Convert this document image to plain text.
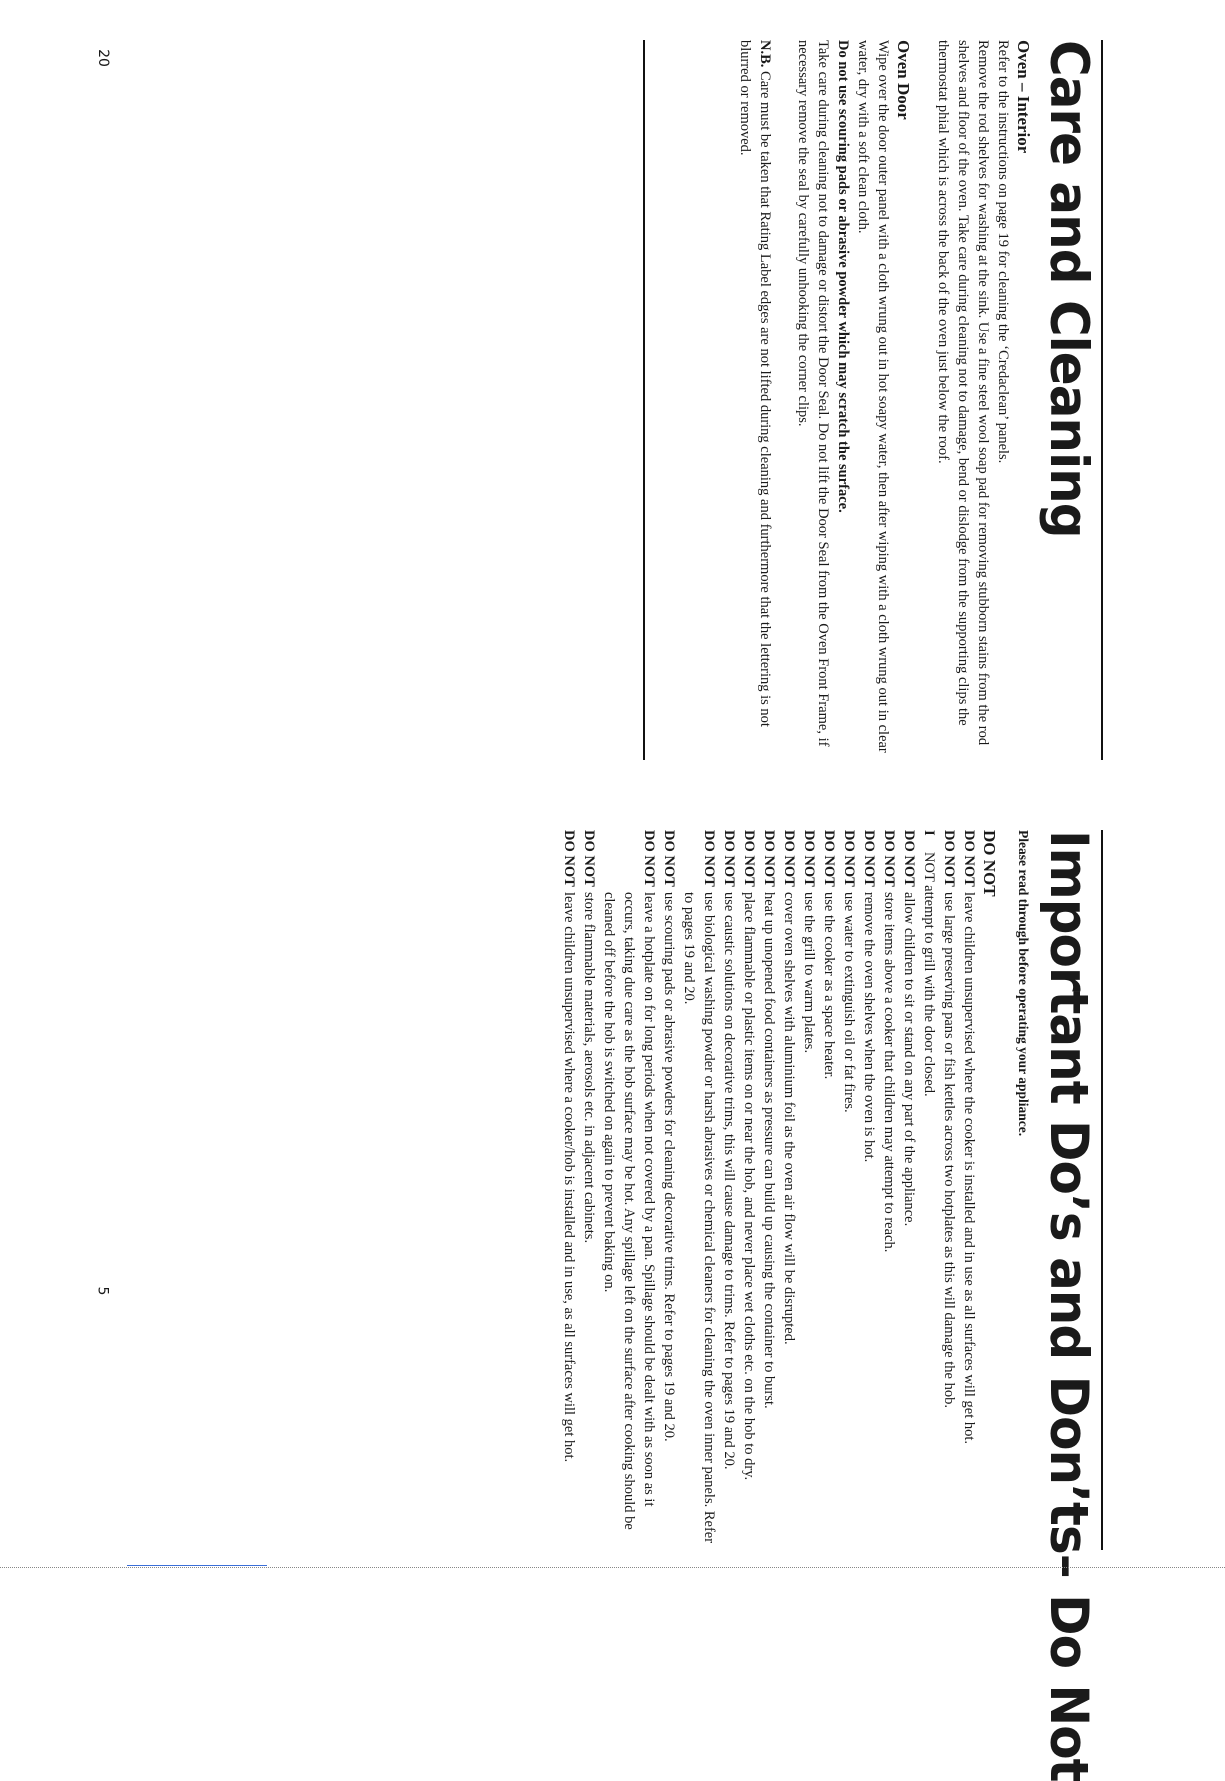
20
5
Care and Cleaning
Oven – Interior

Refer to the instructions on page 19 for cleaning the ‘Credaclean’ panels.

Remove the rod shelves for washing at the sink. Use a fine steel wool soap pad for removing stubborn stains from the rod shelves and floor of the oven. Take care during cleaning not to damage, bend or dislodge from the supporting clips the thermostat phial which is across the back of the oven just below the roof.

Oven Door

Wipe over the door outer panel with a cloth wrung out in hot soapy water, then after wiping with a cloth wrung out in clear water, dry with a soft clean cloth.

Do not use scouring pads or abrasive powder which may scratch the surface.

Take care during cleaning not to damage or distort the Door Seal. Do not lift the Door Seal from the Oven Front Frame, if necessary remove the seal by carefully unhooking the corner clips.

N.B. Care must be taken that Rating Label edges are not lifted during cleaning and furthermore that the lettering is not blurred or removed.

Important Do’s and Don’ts– Do Not
Please read through before operating your appliance.
DO NOT
DO NOT
leave children unsupervised where the cooker is installed and in use as all surfaces will get hot.
DO NOT
use large preserving pans or fish kettles across two hotplates as this will damage the hob.
I
NOT attempt to grill with the door closed.
DO NOT
allow children to sit or stand on any part of the appliance.
DO NOT
store items above a cooker that children may attempt to reach.
DO NOT
remove the oven shelves when the oven is hot.
DO NOT
use water to extinguish oil or fat fires.
DO NOT
use the cooker as a space heater.
DO NOT
use the grill to warm plates.
DO NOT
cover oven shelves with aluminium foil as the oven air flow will be disrupted.
DO NOT
heat up unopened food containers as pressure can build up causing the container to burst.
DO NOT
place flammable or plastic items on or near the hob, and never place wet cloths etc. on the hob to dry.
DO NOT
use caustic solutions on decorative trims, this will cause damage to trims. Refer to pages 19 and 20.
DO NOT
use biological washing powder or harsh abrasives or chemical cleaners for cleaning the oven inner panels. Refer to pages 19 and 20.
DO NOT
use scouring pads or abrasive powders for cleaning decorative trims. Refer to pages 19 and 20.
DO NOT
leave a hotplate on for long periods when not covered by a pan. Spillage should be dealt with as soon as it occurs, taking due care as the hob surface may be hot. Any spillage left on the surface after cooking should be cleaned off before the hob is switched on again to prevent baking on.
DO NOT
store flammable materials, aerosols etc. in adjacent cabinets.
DO NOT
leave children unsupervised where a cooker/hob is installed and in use, as all surfaces will get hot.
